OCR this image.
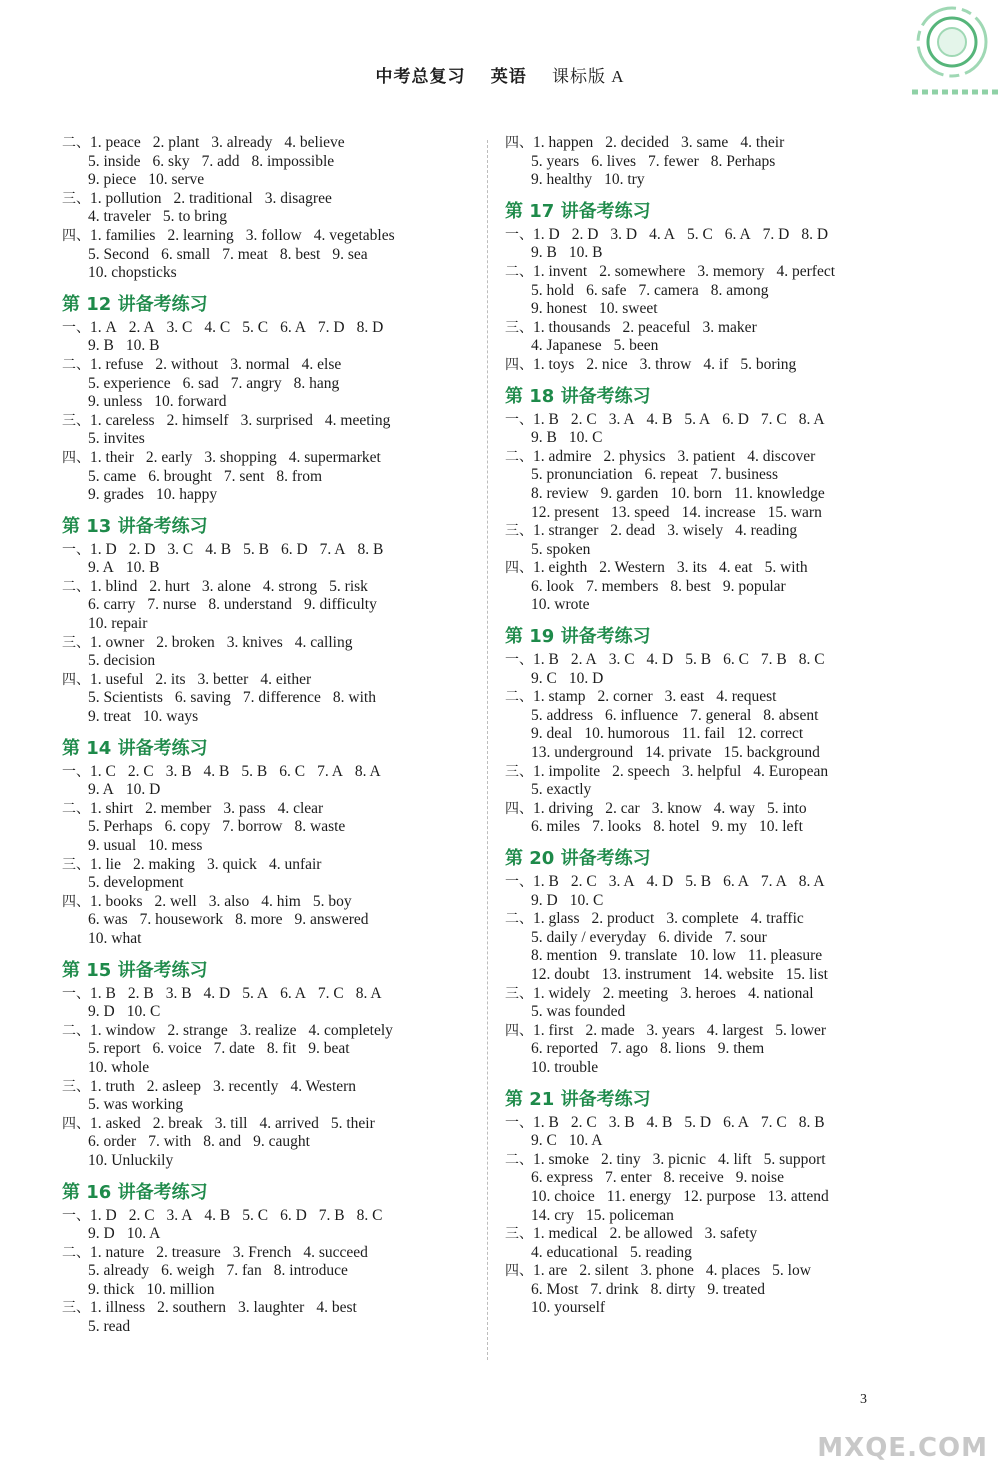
中考总复习 英语 课标版 A
二、1. peace 2. plant 3. already 4. believe
5. inside 6. sky 7. add 8. impossible
9. piece 10. serve
三、1. pollution 2. traditional 3. disagree
4. traveler 5. to bring
四、1. families 2. learning 3. follow 4. vegetables
5. Second 6. small 7. meat 8. best 9. sea
10. chopsticks
第 12 讲备考练习
一、1. A 2. A 3. C 4. C 5. C 6. A 7. D 8. D
9. B 10. B
二、1. refuse 2. without 3. normal 4. else
5. experience 6. sad 7. angry 8. hang
9. unless 10. forward
三、1. careless 2. himself 3. surprised 4. meeting
5. invites
四、1. their 2. early 3. shopping 4. supermarket
5. came 6. brought 7. sent 8. from
9. grades 10. happy
第 13 讲备考练习
一、1. D 2. D 3. C 4. B 5. B 6. D 7. A 8. B
9. A 10. B
二、1. blind 2. hurt 3. alone 4. strong 5. risk
6. carry 7. nurse 8. understand 9. difficulty
10. repair
三、1. owner 2. broken 3. knives 4. calling
5. decision
四、1. useful 2. its 3. better 4. either
5. Scientists 6. saving 7. difference 8. with
9. treat 10. ways
第 14 讲备考练习
一、1. C 2. C 3. B 4. B 5. B 6. C 7. A 8. A
9. A 10. D
二、1. shirt 2. member 3. pass 4. clear
5. Perhaps 6. copy 7. borrow 8. waste
9. usual 10. mess
三、1. lie 2. making 3. quick 4. unfair
5. development
四、1. books 2. well 3. also 4. him 5. boy
6. was 7. housework 8. more 9. answered
10. what
第 15 讲备考练习
一、1. B 2. B 3. B 4. D 5. A 6. A 7. C 8. A
9. D 10. C
二、1. window 2. strange 3. realize 4. completely
5. report 6. voice 7. date 8. fit 9. beat
10. whole
三、1. truth 2. asleep 3. recently 4. Western
5. was working
四、1. asked 2. break 3. till 4. arrived 5. their
6. order 7. with 8. and 9. caught
10. Unluckily
第 16 讲备考练习
一、1. D 2. C 3. A 4. B 5. C 6. D 7. B 8. C
9. D 10. A
二、1. nature 2. treasure 3. French 4. succeed
5. already 6. weigh 7. fan 8. introduce
9. thick 10. million
三、1. illness 2. southern 3. laughter 4. best
5. read
四、1. happen 2. decided 3. same 4. their
5. years 6. lives 7. fewer 8. Perhaps
9. healthy 10. try
第 17 讲备考练习
一、1. D 2. D 3. D 4. A 5. C 6. A 7. D 8. D
9. B 10. B
二、1. invent 2. somewhere 3. memory 4. perfect
5. hold 6. safe 7. camera 8. among
9. honest 10. sweet
三、1. thousands 2. peaceful 3. maker
4. Japanese 5. been
四、1. toys 2. nice 3. throw 4. if 5. boring
第 18 讲备考练习
一、1. B 2. C 3. A 4. B 5. A 6. D 7. C 8. A
9. B 10. C
二、1. admire 2. physics 3. patient 4. discover
5. pronunciation 6. repeat 7. business
8. review 9. garden 10. born 11. knowledge
12. present 13. speed 14. increase 15. warn
三、1. stranger 2. dead 3. wisely 4. reading
5. spoken
四、1. eighth 2. Western 3. its 4. eat 5. with
6. look 7. members 8. best 9. popular
10. wrote
第 19 讲备考练习
一、1. B 2. A 3. C 4. D 5. B 6. C 7. B 8. C
9. C 10. D
二、1. stamp 2. corner 3. east 4. request
5. address 6. influence 7. general 8. absent
9. deal 10. humorous 11. fail 12. correct
13. underground 14. private 15. background
三、1. impolite 2. speech 3. helpful 4. European
5. exactly
四、1. driving 2. car 3. know 4. way 5. into
6. miles 7. looks 8. hotel 9. my 10. left
第 20 讲备考练习
一、1. B 2. C 3. A 4. D 5. B 6. A 7. A 8. A
9. D 10. C
二、1. glass 2. product 3. complete 4. traffic
5. daily / everyday 6. divide 7. sour
8. mention 9. translate 10. low 11. pleasure
12. doubt 13. instrument 14. website 15. list
三、1. widely 2. meeting 3. heroes 4. national
5. was founded
四、1. first 2. made 3. years 4. largest 5. lower
6. reported 7. ago 8. lions 9. them
10. trouble
第 21 讲备考练习
一、1. B 2. C 3. B 4. B 5. D 6. A 7. C 8. B
9. C 10. A
二、1. smoke 2. tiny 3. picnic 4. lift 5. support
6. express 7. enter 8. receive 9. noise
10. choice 11. energy 12. purpose 13. attend
14. cry 15. policeman
三、1. medical 2. be allowed 3. safety
4. educational 5. reading
四、1. are 2. silent 3. phone 4. places 5. low
6. Most 7. drink 8. dirty 9. treated
10. yourself
3
MXQE.COM
